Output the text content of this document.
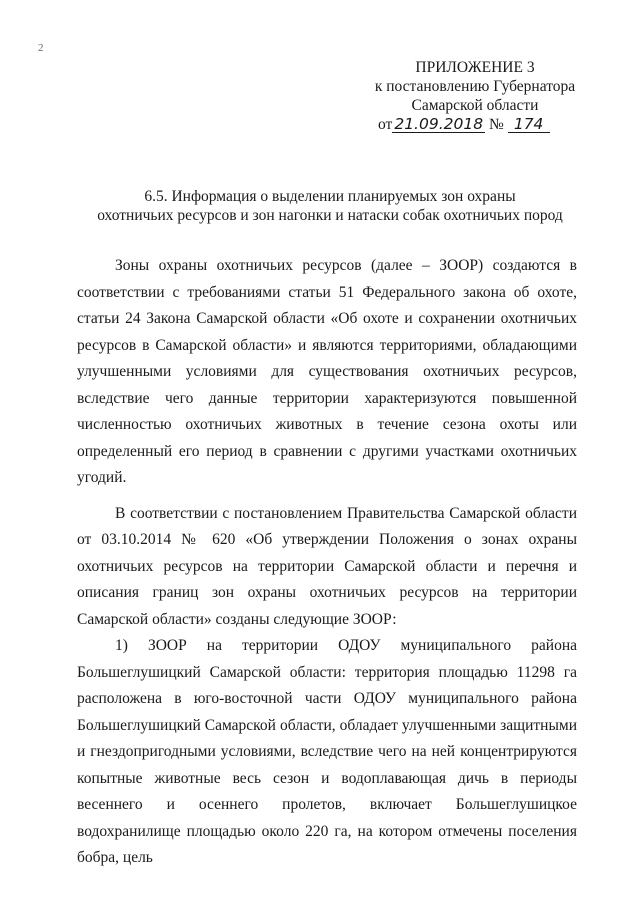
2
ПРИЛОЖЕНИЕ 3
к постановлению Губернатора
Самарской области
от 21.09.2018 № 174
6.5. Информация о выделении планируемых зон охраны
охотничьих ресурсов и зон нагонки и натаски собак охотничьих пород

Зоны охраны охотничьих ресурсов (далее – ЗООР) создаются в соответствии с требованиями статьи 51 Федерального закона об охоте, статьи 24 Закона Самарской области «Об охоте и сохранении охотничьих ресурсов в Самарской области» и являются территориями, обладающими улучшенными условиями для существования охотничьих ресурсов, вследствие чего данные территории характеризуются повышенной численностью охотничьих животных в течение сезона охоты или определенный его период в сравнении с другими участками охотничьих угодий.

В соответствии с постановлением Правительства Самарской области от 03.10.2014 № 620 «Об утверждении Положения о зонах охраны охотничьих ресурсов на территории Самарской области и перечня и описания границ зон охраны охотничьих ресурсов на территории Самарской области» созданы следующие ЗООР:

1) ЗООР на территории ОДОУ муниципального района Большеглушицкий Самарской области: территория площадью 11298 га расположена в юго-восточной части ОДОУ муниципального района Большеглушицкий Самарской области, обладает улучшенными защитными и гнездопригодными условиями, вследствие чего на ней концентрируются копытные животные весь сезон и водоплавающая дичь в периоды весеннего и осеннего пролетов, включает Большеглушицкое водохранилище площадью около 220 га, на котором отмечены поселения бобра, цель
